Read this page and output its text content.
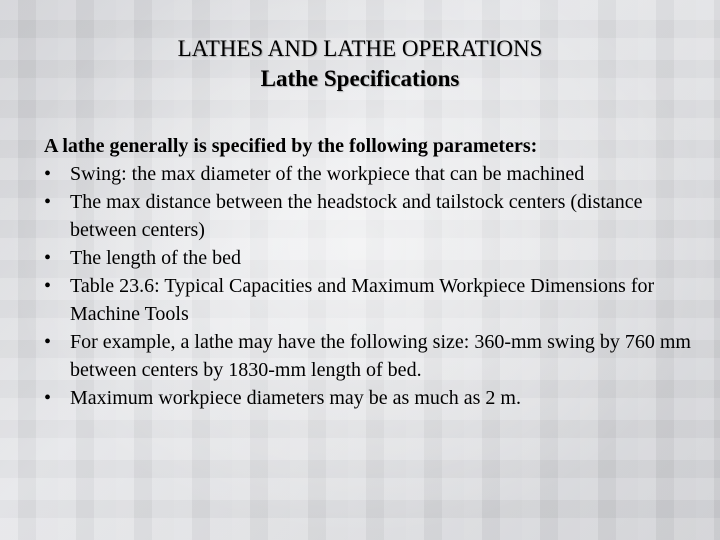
LATHES AND LATHE OPERATIONS
Lathe Specifications

A lathe generally is specified by the following parameters:

• Swing: the max diameter of the workpiece that can be machined
• The max distance between the headstock and tailstock centers (distance between centers)
• The length of the bed
• Table 23.6: Typical Capacities and Maximum Workpiece Dimensions for Machine Tools
• For example, a lathe may have the following size: 360-mm swing by 760 mm between centers by 1830-mm length of bed.
• Maximum workpiece diameters may be as much as 2 m.
